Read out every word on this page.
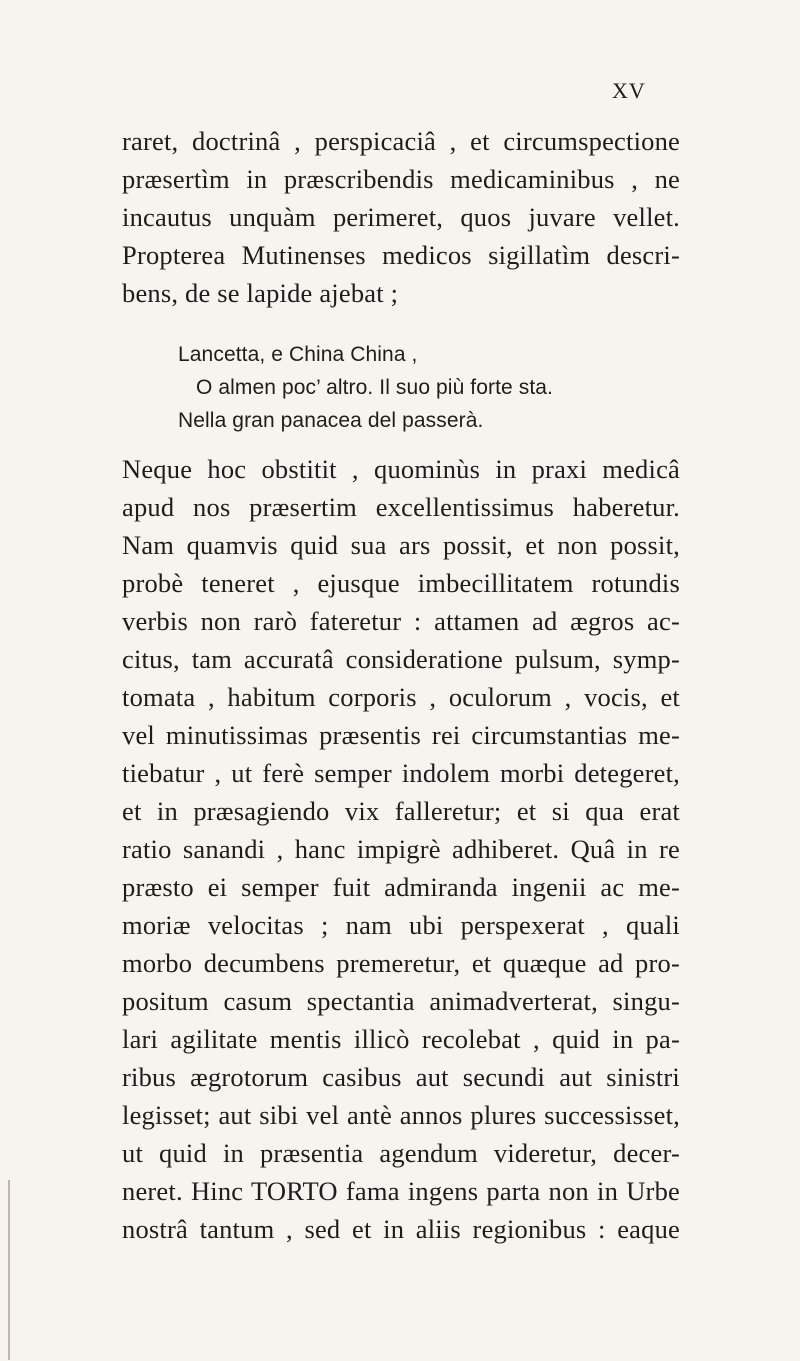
XV
raret, doctrinâ , perspicaciâ , et circumspectione
præsertìm in præscribendis medicaminibus , ne
incautus unquàm perimeret, quos juvare vellet.
Propterea Mutinenses medicos sigillatìm descri-
bens, de se lapide ajebat ;
Lancetta, e China China ,
O almen poc’ altro. Il suo più forte sta.
Nella gran panacea del passerà.
Neque hoc obstitit , quominùs in praxi medicâ
apud nos præsertim excellentissimus haberetur.
Nam quamvis quid sua ars possit, et non possit,
probè teneret , ejusque imbecillitatem rotundis
verbis non rarò fateretur : attamen ad ægros ac-
citus, tam accuratâ consideratione pulsum, symp-
tomata , habitum corporis , oculorum , vocis, et
vel minutissimas præsentis rei circumstantias me-
tiebatur , ut ferè semper indolem morbi detegeret,
et in præsagiendo vix falleretur; et si qua erat
ratio sanandi , hanc impigrè adhiberet. Quâ in re
præsto ei semper fuit admiranda ingenii ac me-
moriæ velocitas ; nam ubi perspexerat , quali
morbo decumbens premeretur, et quæque ad pro-
positum casum spectantia animadverterat, singu-
lari agilitate mentis illicò recolebat , quid in pa-
ribus ægrotorum casibus aut secundi aut sinistri
legisset; aut sibi vel antè annos plures successisset,
ut quid in præsentia agendum videretur, decer-
neret. Hinc TORTO fama ingens parta non in Urbe
nostrâ tantum , sed et in aliis regionibus : eaque
